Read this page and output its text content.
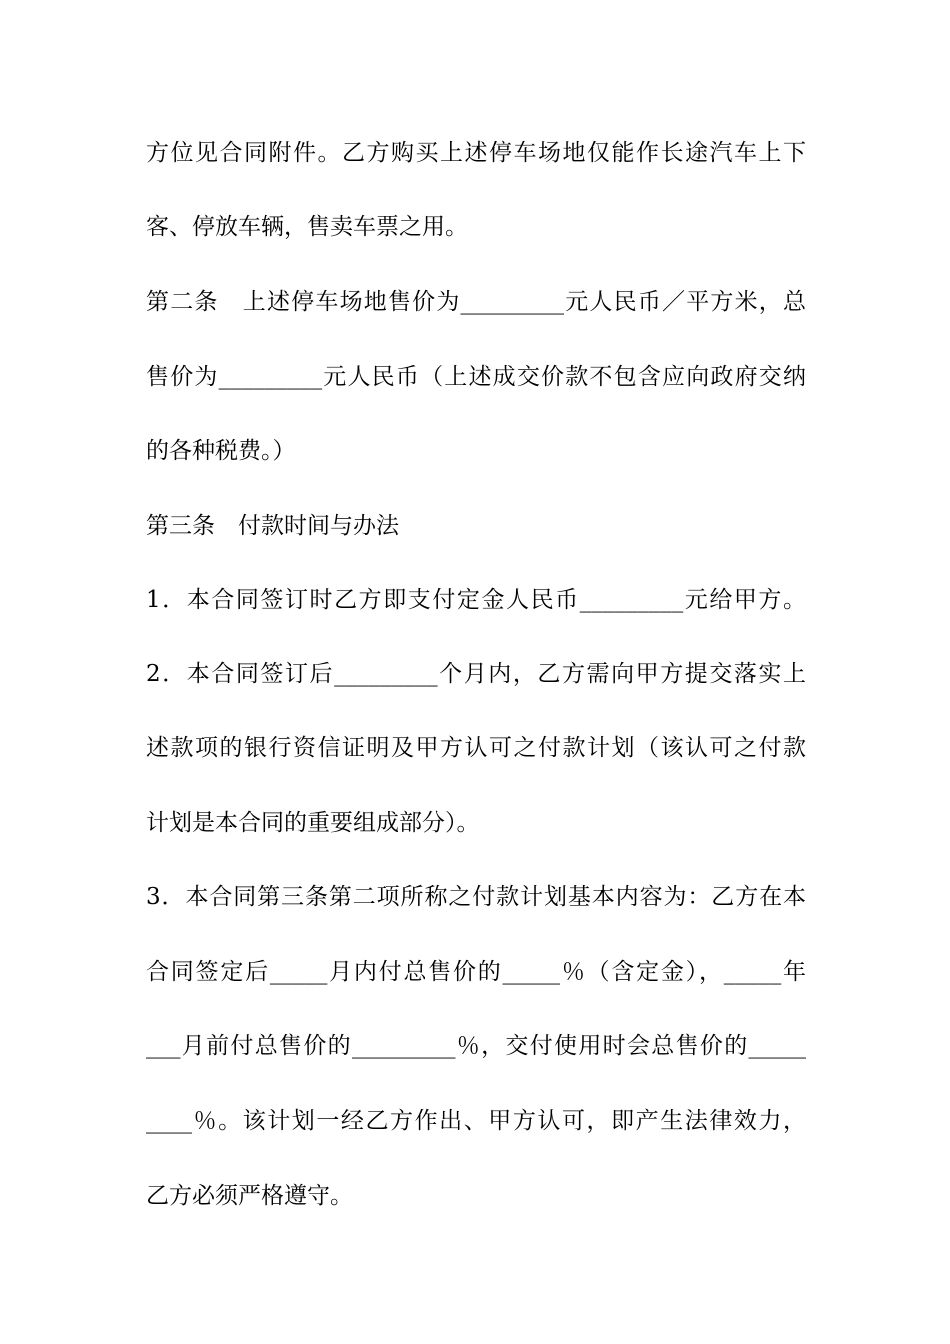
方位见合同附件。乙方购买上述停车场地仅能作长途汽车上下
客、停放车辆，售卖车票之用。
第二条　上述停车场地售价为_________元人民币／平方米，总
售价为_________元人民币（上述成交价款不包含应向政府交纳
的各种税费。）
第三条　付款时间与办法
1．本合同签订时乙方即支付定金人民币_________元给甲方。
2．本合同签订后_________个月内，乙方需向甲方提交落实上
述款项的银行资信证明及甲方认可之付款计划（该认可之付款
计划是本合同的重要组成部分）。
3．本合同第三条第二项所称之付款计划基本内容为：乙方在本
合同签定后_____月内付总售价的_____％（含定金），_____年
___月前付总售价的_________％，交付使用时会总售价的_____
____％。该计划一经乙方作出、甲方认可，即产生法律效力，
乙方必须严格遵守。
